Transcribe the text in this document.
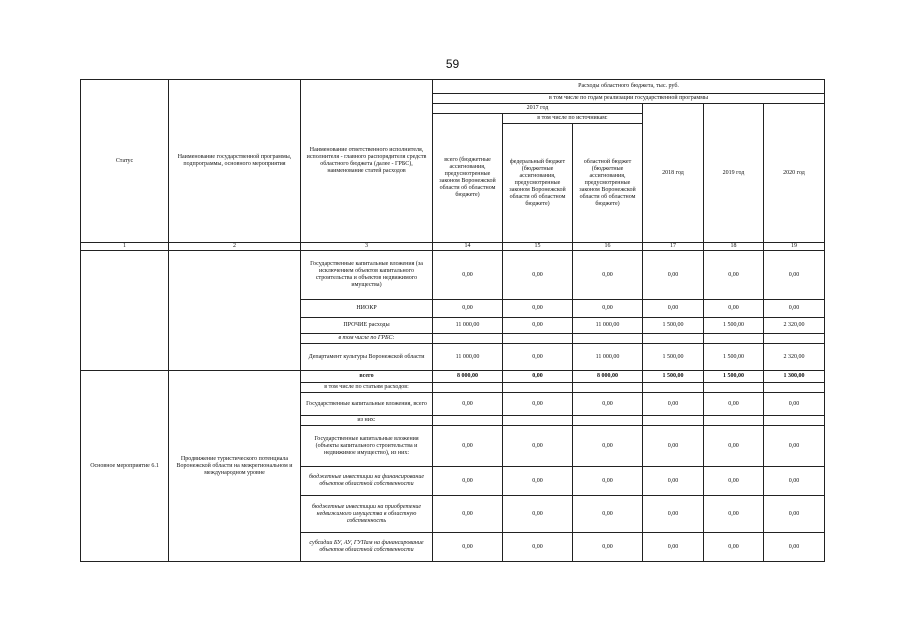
59
Статус	Наименование государственной программы, подпрограммы, основного мероприятия	Наименование ответственного исполнителя, исполнителя - главного распорядителя средств областного бюджета (далее - ГРБС), наименование статей расходов	Расходы областного бюджета, тыс. руб.					
			в том числе по годам реализации государственной программы					
			2017 год			2018 год	2019 год	2020 год
			всего (бюджетные ассигнования, предусмотренные законом Воронежской области об областном бюджете)	в том числе по источникам:				
				федеральный бюджет (бюджетные ассигнования, предусмотренные законом Воронежской области об областном бюджете)	областной бюджет (бюджетные ассигнования, предусмотренные законом Воронежской области об областном бюджете)			
1	2	3	14	15	16	17	18	19
		Государственные капитальные вложения (за исключением объектов капитального строительства и объектов недвижимого имущества)	0,00	0,00	0,00	0,00	0,00	0,00
		НИОКР	0,00	0,00	0,00	0,00	0,00	0,00
		ПРОЧИЕ расходы	11 000,00	0,00	11 000,00	1 500,00	1 500,00	2 320,00
		в том числе по ГРБС:						
		Департамент культуры Воронежской области	11 000,00	0,00	11 000,00	1 500,00	1 500,00	2 320,00
Основное мероприятие 6.1	Продвижение туристического потенциала Воронежской области на межрегиональном и международном уровне	всего	8 000,00	0,00	8 000,00	1 500,00	1 500,00	1 300,00
		в том числе по статьям расходов:						
		Государственные капитальные вложения, всего	0,00	0,00	0,00	0,00	0,00	0,00
		из них:						
		Государственные капитальные вложения (объекты капитального строительства и недвижимое имущество), из них:	0,00	0,00	0,00	0,00	0,00	0,00
		бюджетные инвестиции на финансирование объектов областной собственности	0,00	0,00	0,00	0,00	0,00	0,00
		бюджетные инвестиции на приобретение недвижимого имущества в областную собственность	0,00	0,00	0,00	0,00	0,00	0,00
		субсидии БУ, АУ, ГУПам на финансирование объектов областной собственности	0,00	0,00	0,00	0,00	0,00	0,00
